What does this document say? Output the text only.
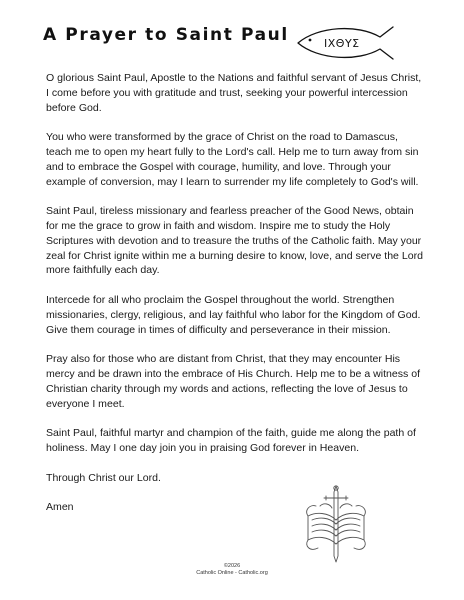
A Prayer to Saint Paul	ΙΧΘΥΣ

O glorious Saint Paul, Apostle to the Nations and faithful servant of Jesus Christ, I come before you with gratitude and trust, seeking your powerful intercession before God.

You who were transformed by the grace of Christ on the road to Damascus, teach me to open my heart fully to the Lord's call. Help me to turn away from sin and to embrace the Gospel with courage, humility, and love. Through your example of conversion, may I learn to surrender my life completely to God's will.

Saint Paul, tireless missionary and fearless preacher of the Good News, obtain for me the grace to grow in faith and wisdom. Inspire me to study the Holy Scriptures with devotion and to treasure the truths of the Catholic faith. May your zeal for Christ ignite within me a burning desire to know, love, and serve the Lord more faithfully each day.

Intercede for all who proclaim the Gospel throughout the world. Strengthen missionaries, clergy, religious, and lay faithful who labor for the Kingdom of God. Give them courage in times of difficulty and perseverance in their mission.

Pray also for those who are distant from Christ, that they may encounter His mercy and be drawn into the embrace of His Church. Help me to be a witness of Christian charity through my words and actions, reflecting the love of Jesus to everyone I meet.

Saint Paul, faithful martyr and champion of the faith, guide me along the path of holiness. May I one day join you in praising God forever in Heaven.

Through Christ our Lord.

Amen

©2026
Catholic Online - Catholic.org
